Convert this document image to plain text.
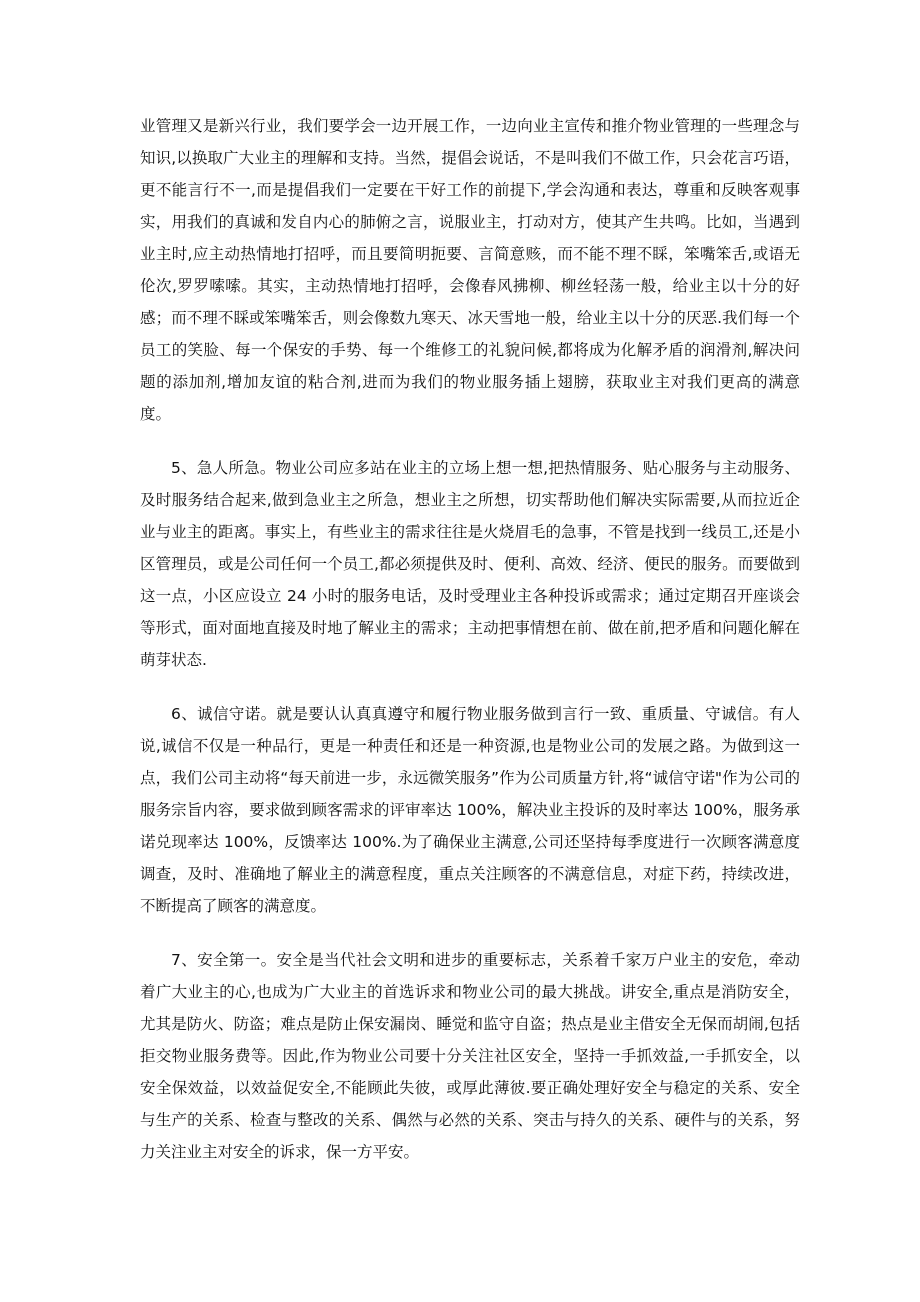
业管理又是新兴行业，我们要学会一边开展工作，一边向业主宣传和推介物业管理的一些理念与知识,以换取广大业主的理解和支持。当然，提倡会说话，不是叫我们不做工作，只会花言巧语，更不能言行不一,而是提倡我们一定要在干好工作的前提下,学会沟通和表达，尊重和反映客观事实，用我们的真诚和发自内心的肺俯之言，说服业主，打动对方，使其产生共鸣。比如，当遇到业主时,应主动热情地打招呼，而且要简明扼要、言简意赅，而不能不理不睬，笨嘴笨舌,或语无伦次,罗罗嗦嗦。其实，主动热情地打招呼，会像春风拂柳、柳丝轻荡一般，给业主以十分的好感；而不理不睬或笨嘴笨舌，则会像数九寒天、冰天雪地一般，给业主以十分的厌恶.我们每一个员工的笑脸、每一个保安的手势、每一个维修工的礼貌问候,都将成为化解矛盾的润滑剂,解决问题的添加剂,增加友谊的粘合剂,进而为我们的物业服务插上翅膀，获取业主对我们更高的满意度。

5、急人所急。物业公司应多站在业主的立场上想一想,把热情服务、贴心服务与主动服务、及时服务结合起来,做到急业主之所急，想业主之所想，切实帮助他们解决实际需要,从而拉近企业与业主的距离。事实上，有些业主的需求往往是火烧眉毛的急事，不管是找到一线员工,还是小区管理员，或是公司任何一个员工,都必须提供及时、便利、高效、经济、便民的服务。而要做到这一点，小区应设立 24 小时的服务电话，及时受理业主各种投诉或需求；通过定期召开座谈会等形式，面对面地直接及时地了解业主的需求；主动把事情想在前、做在前,把矛盾和问题化解在萌芽状态.

6、诚信守诺。就是要认认真真遵守和履行物业服务做到言行一致、重质量、守诚信。有人说,诚信不仅是一种品行，更是一种责任和还是一种资源,也是物业公司的发展之路。为做到这一点，我们公司主动将“每天前进一步，永远微笑服务”作为公司质量方针,将“诚信守诺"作为公司的服务宗旨内容，要求做到顾客需求的评审率达 100%，解决业主投诉的及时率达 100%，服务承诺兑现率达 100%，反馈率达 100%.为了确保业主满意,公司还坚持每季度进行一次顾客满意度调查，及时、准确地了解业主的满意程度，重点关注顾客的不满意信息，对症下药，持续改进，不断提高了顾客的满意度。

7、安全第一。安全是当代社会文明和进步的重要标志，关系着千家万户业主的安危，牵动着广大业主的心,也成为广大业主的首选诉求和物业公司的最大挑战。讲安全,重点是消防安全，尤其是防火、防盗；难点是防止保安漏岗、睡觉和监守自盗；热点是业主借安全无保而胡闹,包括拒交物业服务费等。因此,作为物业公司要十分关注社区安全，坚持一手抓效益,一手抓安全，以安全保效益，以效益促安全,不能顾此失彼，或厚此薄彼.要正确处理好安全与稳定的关系、安全与生产的关系、检查与整改的关系、偶然与必然的关系、突击与持久的关系、硬件与的关系，努力关注业主对安全的诉求，保一方平安。
